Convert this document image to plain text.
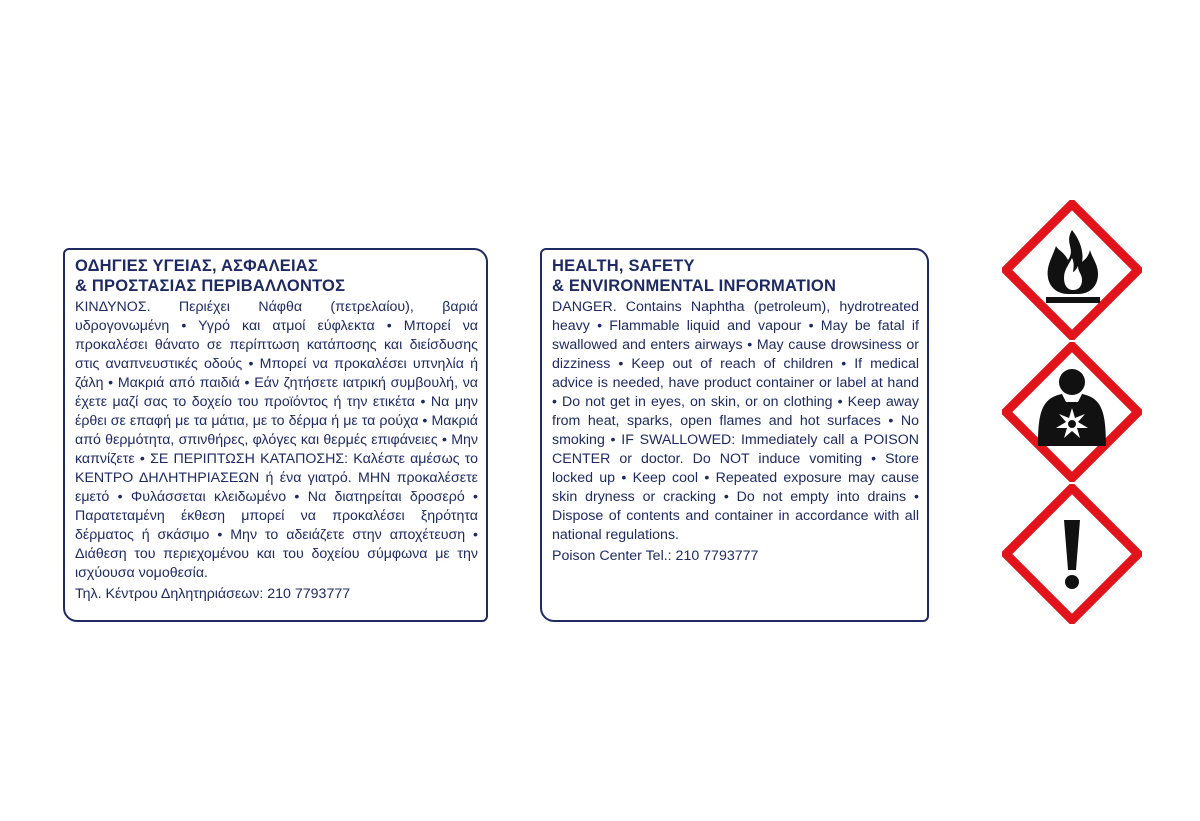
ΟΔΗΓΙΕΣ ΥΓΕΙΑΣ, ΑΣΦΑΛΕΙΑΣ
& ΠΡΟΣΤΑΣΙΑΣ ΠΕΡΙΒΑΛΛΟΝΤΟΣ

ΚΙΝΔΥΝΟΣ. Περιέχει Νάφθα (πετρελαίου), βαριά υδρογονωμένη • Υγρό και ατμοί εύφλεκτα • Μπορεί να προκαλέσει θάνατο σε περίπτωση κατάποσης και διείσδυσης στις αναπνευστικές οδούς • Μπορεί να προκαλέσει υπνηλία ή ζάλη • Μακριά από παιδιά • Εάν ζητήσετε ιατρική συμβουλή, να έχετε μαζί σας το δοχείο του προϊόντος ή την ετικέτα • Να μην έρθει σε επαφή με τα μάτια, με το δέρμα ή με τα ρούχα • Μακριά από θερμότητα, σπινθήρες, φλόγες και θερμές επιφάνειες • Μην καπνίζετε • ΣΕ ΠΕΡΙΠΤΩΣΗ ΚΑΤΑΠΟΣΗΣ: Καλέστε αμέσως το ΚΕΝΤΡΟ ΔΗΛΗΤΗΡΙΑΣΕΩΝ ή ένα γιατρό. ΜΗΝ προκαλέσετε εμετό • Φυλάσσεται κλειδωμένο • Να διατηρείται δροσερό • Παρατεταμένη έκθεση μπορεί να προκαλέσει ξηρότητα δέρματος ή σκάσιμο • Μην το αδειάζετε στην αποχέτευση • Διάθεση του περιεχομένου και του δοχείου σύμφωνα με την ισχύουσα νομοθεσία.

Τηλ. Κέντρου Δηλητηριάσεων: 210 7793777
HEALTH, SAFETY
& ENVIRONMENTAL INFORMATION

DANGER. Contains Naphtha (petroleum), hydrotreated heavy • Flammable liquid and vapour • May be fatal if swallowed and enters airways • May cause drowsiness or dizziness • Keep out of reach of children • If medical advice is needed, have product container or label at hand • Do not get in eyes, on skin, or on clothing • Keep away from heat, sparks, open flames and hot surfaces • No smoking • IF SWALLOWED: Immediately call a POISON CENTER or doctor. Do NOT induce vomiting • Store locked up • Keep cool • Repeated exposure may cause skin dryness or cracking • Do not empty into drains • Dispose of contents and container in accordance with all national regulations.

Poison Center Tel.: 210 7793777
